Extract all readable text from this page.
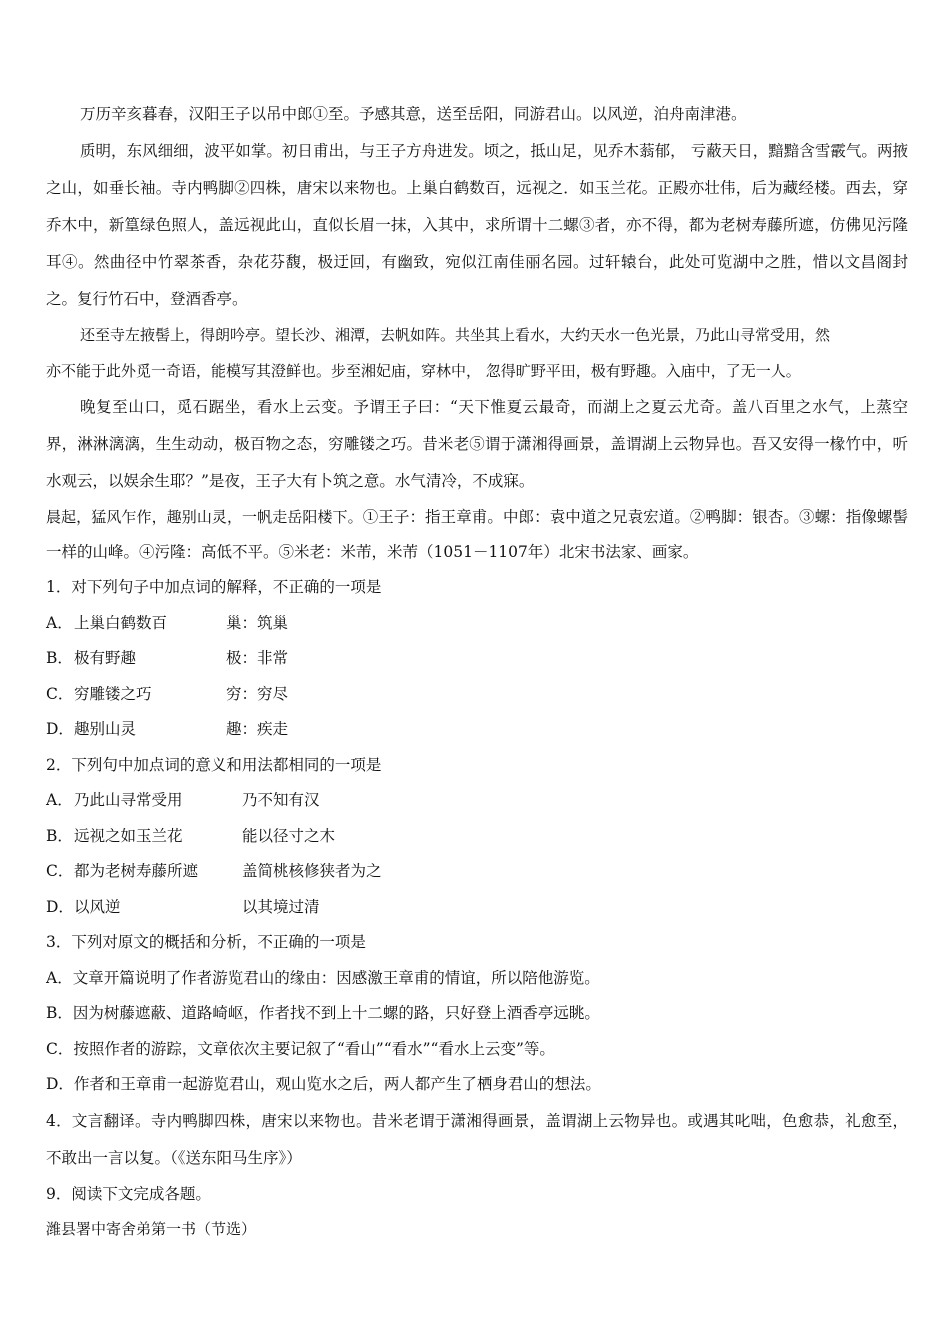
万历辛亥暮春，汉阳王子以吊中郎①至。予感其意，送至岳阳，同游君山。以风逆，泊舟南津港。

质明，东风细细，波平如掌。初日甫出，与王子方舟进发。顷之，抵山足，见乔木蓊郁， 亏蔽天日，黯黯含雪霰气。两掖之山，如垂长袖。寺内鸭脚②四株，唐宋以来物也。上巢白鹤数百，远视之．如玉兰花。正殿亦壮伟，后为藏经楼。西去，穿乔木中，新篁绿色照人，盖远视此山，直似长眉一抹，入其中，求所谓十二螺③者，亦不得，都为老树寿藤所遮，仿佛见污隆耳④。然曲径中竹翠茶香，杂花芬馥，极迂回，有幽致，宛似江南佳丽名园。过轩辕台，此处可览湖中之胜，惜以文昌阁封之。复行竹石中，登酒香亭。

还至寺左掖髻上，得朗吟亭。望长沙、湘潭，去帆如阵。共坐其上看水，大约天水一色光景，乃此山寻常受用，然

亦不能于此外觅一奇语，能模写其澄鲜也。步至湘妃庙，穿林中， 忽得旷野平田，极有野趣。入庙中，了无一人。

晚复至山口，觅石踞坐，看水上云变。予谓王子曰：“天下惟夏云最奇，而湖上之夏云尤奇。盖八百里之水气，上蒸空界，淋淋漓漓，生生动动，极百物之态，穷雕镂之巧。昔米老⑤谓于潇湘得画景，盖谓湖上云物异也。吾又安得一椽竹中，听水观云，以娱余生耶？”是夜，王子大有卜筑之意。水气清冷，不成寐。

晨起，猛风乍作，趣别山灵，一帆走岳阳楼下。①王子：指王章甫。中郎：袁中道之兄袁宏道。②鸭脚：银杏。③螺：指像螺髻一样的山峰。④污隆：高低不平。⑤米老：米芾，米芾（1051－1107年）北宋书法家、画家。

1．对下列句子中加点词的解释，不正确的一项是

A． 上巢白鹤数百	巢：筑巢
B． 极有野趣	极：非常
C． 穷雕镂之巧	穷：穷尽
D． 趣别山灵	趣：疾走

2．下列句中加点词的意义和用法都相同的一项是

A． 乃此山寻常受用	乃不知有汉
B． 远视之如玉兰花	能以径寸之木
C． 都为老树寿藤所遮	盖简桃核修狭者为之
D． 以风逆	以其境过清

3．下列对原文的概括和分析，不正确的一项是

A．文章开篇说明了作者游览君山的缘由：因感激王章甫的情谊，所以陪他游览。

B．因为树藤遮蔽、道路崎岖，作者找不到上十二螺的路，只好登上酒香亭远眺。

C．按照作者的游踪，文章依次主要记叙了“看山”“看水”“看水上云变”等。

D．作者和王章甫一起游览君山，观山览水之后，两人都产生了栖身君山的想法。

4．文言翻译。寺内鸭脚四株，唐宋以来物也。昔米老谓于潇湘得画景，盖谓湖上云物异也。或遇其叱咄，色愈恭，礼愈至，不敢出一言以复。（《送东阳马生序》）

9．阅读下文完成各题。

潍县署中寄舍弟第一书（节选）
